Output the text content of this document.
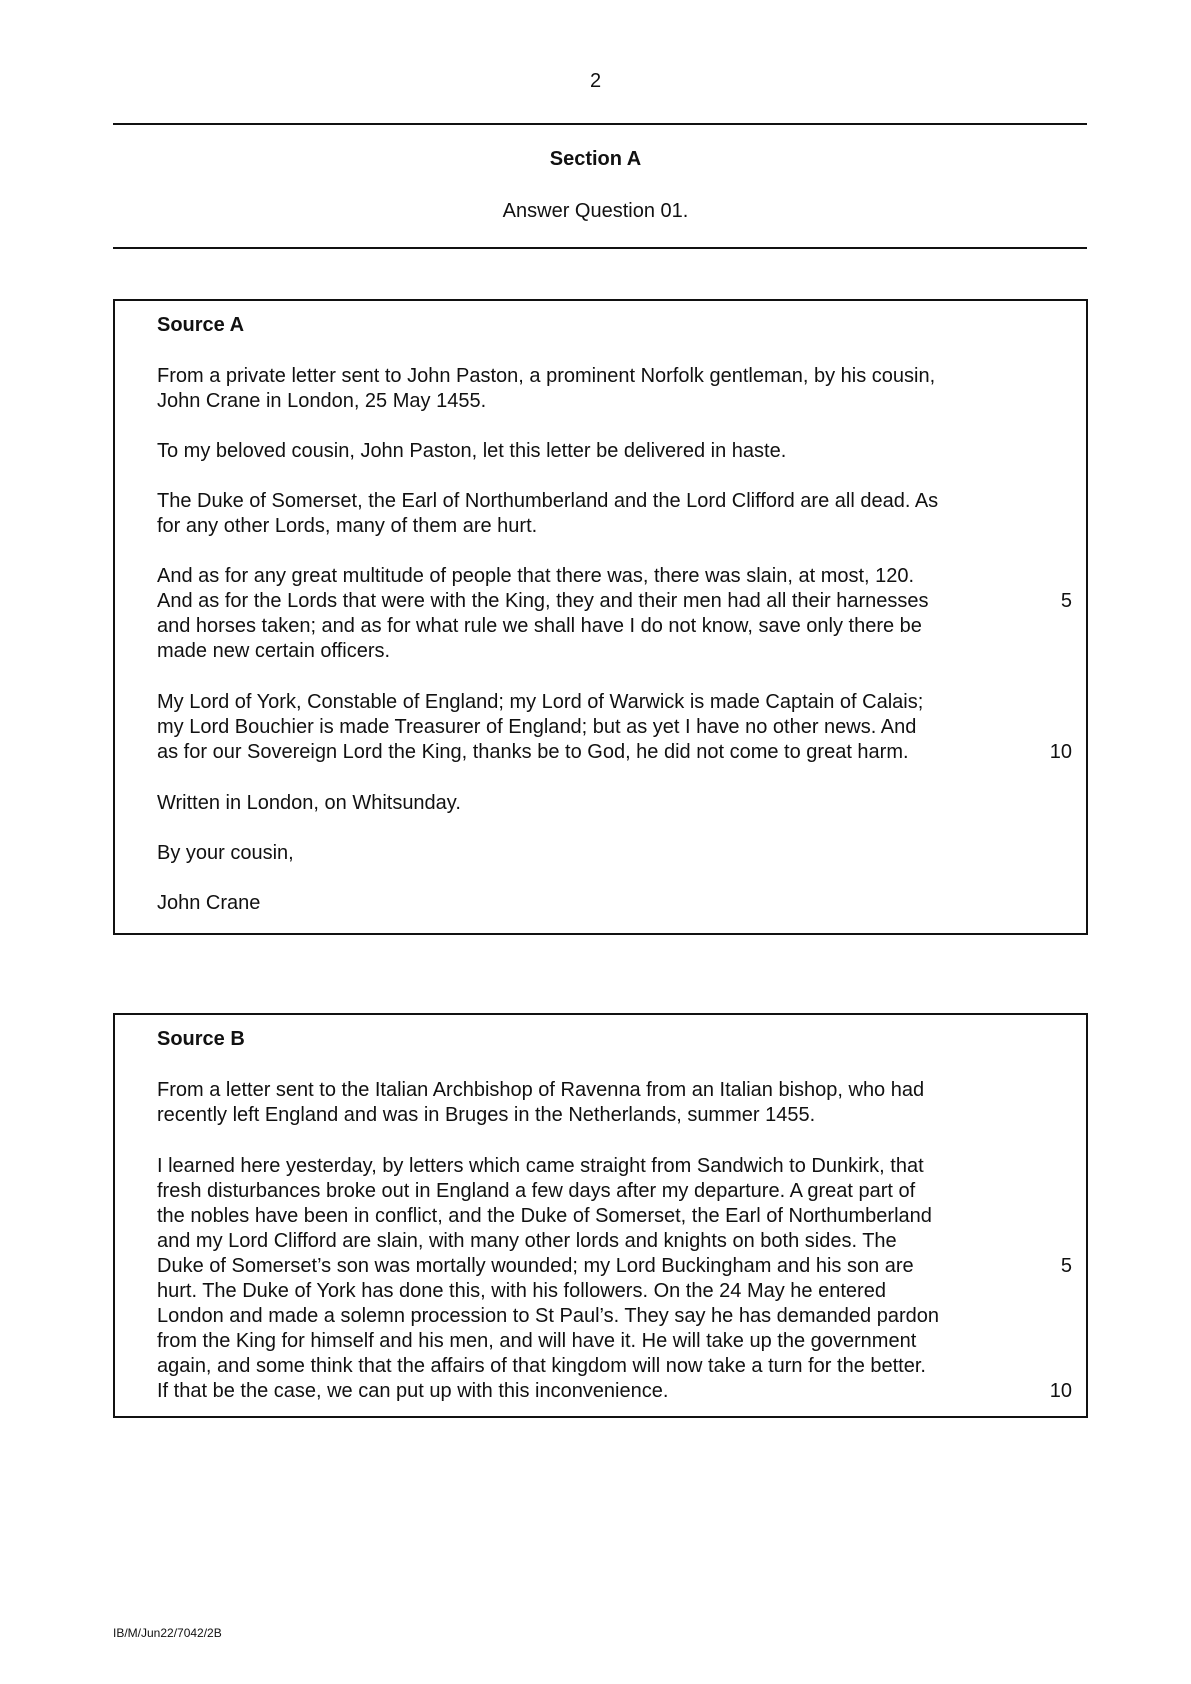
2
Section A
Answer Question 01.
Source A
From a private letter sent to John Paston, a prominent Norfolk gentleman, by his cousin,
John Crane in London, 25 May 1455.
To my beloved cousin, John Paston, let this letter be delivered in haste.
The Duke of Somerset, the Earl of Northumberland and the Lord Clifford are all dead. As
for any other Lords, many of them are hurt.
And as for any great multitude of people that there was, there was slain, at most, 120.
And as for the Lords that were with the King, they and their men had all their harnesses	5
and horses taken; and as for what rule we shall have I do not know, save only there be
made new certain officers.
My Lord of York, Constable of England; my Lord of Warwick is made Captain of Calais;
my Lord Bouchier is made Treasurer of England; but as yet I have no other news. And
as for our Sovereign Lord the King, thanks be to God, he did not come to great harm.	10
Written in London, on Whitsunday.
By your cousin,
John Crane
Source B
From a letter sent to the Italian Archbishop of Ravenna from an Italian bishop, who had
recently left England and was in Bruges in the Netherlands, summer 1455.
I learned here yesterday, by letters which came straight from Sandwich to Dunkirk, that
fresh disturbances broke out in England a few days after my departure. A great part of
the nobles have been in conflict, and the Duke of Somerset, the Earl of Northumberland
and my Lord Clifford are slain, with many other lords and knights on both sides. The
Duke of Somerset’s son was mortally wounded; my Lord Buckingham and his son are	5
hurt. The Duke of York has done this, with his followers. On the 24 May he entered
London and made a solemn procession to St Paul’s. They say he has demanded pardon
from the King for himself and his men, and will have it. He will take up the government
again, and some think that the affairs of that kingdom will now take a turn for the better.
If that be the case, we can put up with this inconvenience.	10
IB/M/Jun22/7042/2B
